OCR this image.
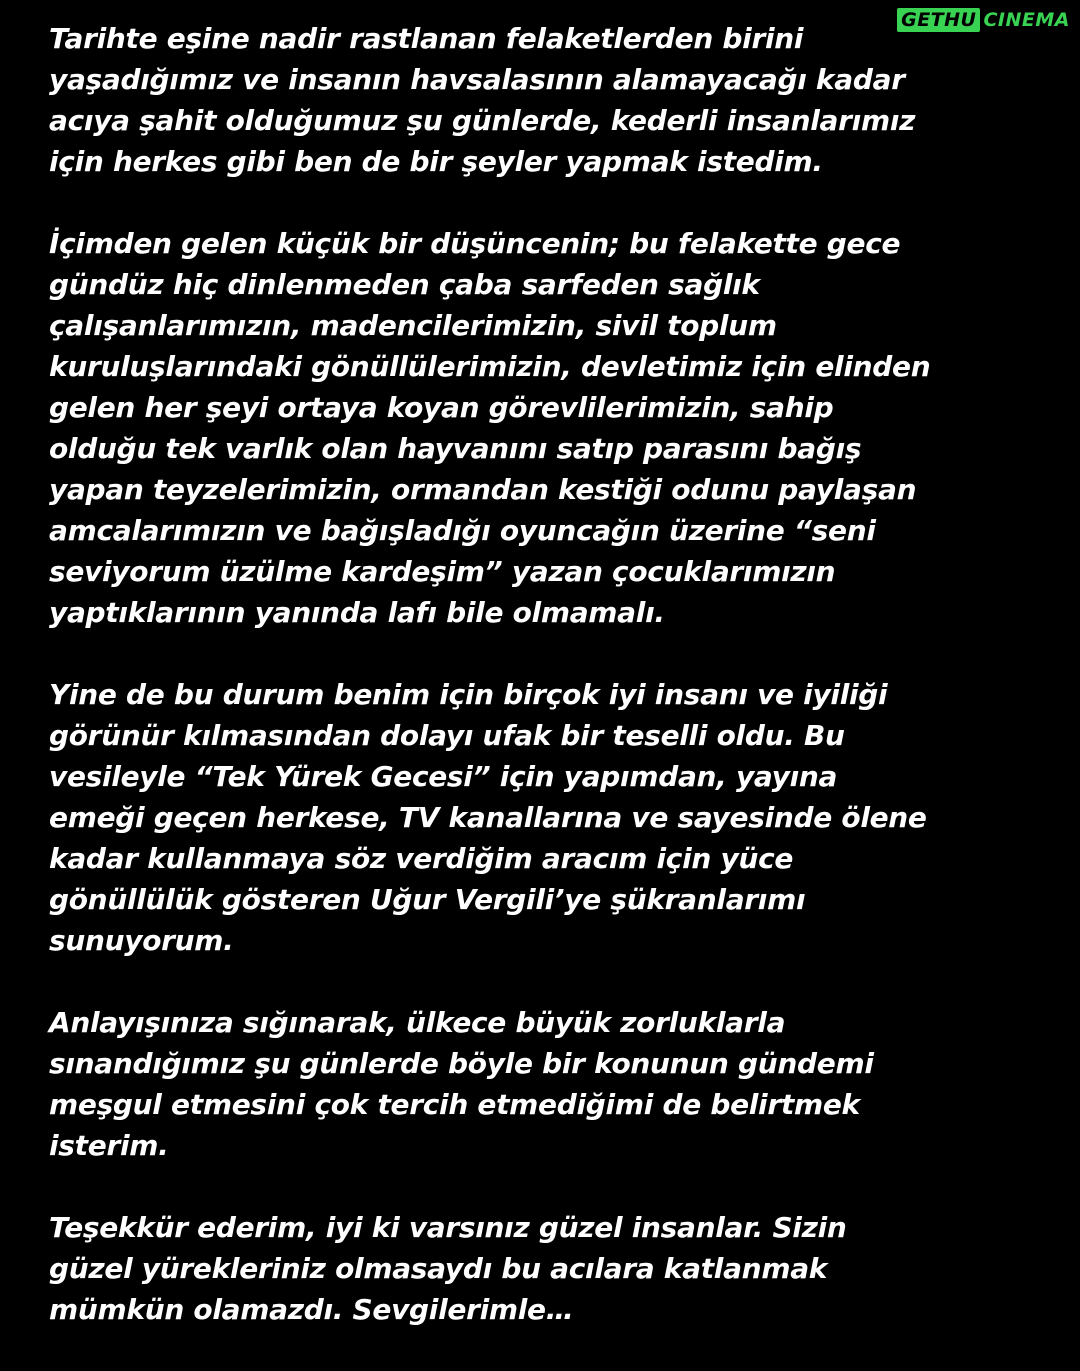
GETHU CINEMA

Tarihte eşine nadir rastlanan felaketlerden birini
yaşadığımız ve insanın havsalasının alamayacağı kadar
acıya şahit olduğumuz şu günlerde, kederli insanlarımız
için herkes gibi ben de bir şeyler yapmak istedim.

İçimden gelen küçük bir düşüncenin; bu felakette gece
gündüz hiç dinlenmeden çaba sarfeden sağlık
çalışanlarımızın, madencilerimizin, sivil toplum
kuruluşlarındaki gönüllülerimizin, devletimiz için elinden
gelen her şeyi ortaya koyan görevlilerimizin, sahip
olduğu tek varlık olan hayvanını satıp parasını bağış
yapan teyzelerimizin, ormandan kestiği odunu paylaşan
amcalarımızın ve bağışladığı oyuncağın üzerine “seni
seviyorum üzülme kardeşim” yazan çocuklarımızın
yaptıklarının yanında lafı bile olmamalı.

Yine de bu durum benim için birçok iyi insanı ve iyiliği
görünür kılmasından dolayı ufak bir teselli oldu. Bu
vesileyle “Tek Yürek Gecesi” için yapımdan, yayına
emeği geçen herkese, TV kanallarına ve sayesinde ölene
kadar kullanmaya söz verdiğim aracım için yüce
gönüllülük gösteren Uğur Vergili’ye şükranlarımı
sunuyorum.

Anlayışınıza sığınarak, ülkece büyük zorluklarla
sınandığımız şu günlerde böyle bir konunun gündemi
meşgul etmesini çok tercih etmediğimi de belirtmek
isterim.

Teşekkür ederim, iyi ki varsınız güzel insanlar. Sizin
güzel yürekleriniz olmasaydı bu acılara katlanmak
mümkün olamazdı. Sevgilerimle…
